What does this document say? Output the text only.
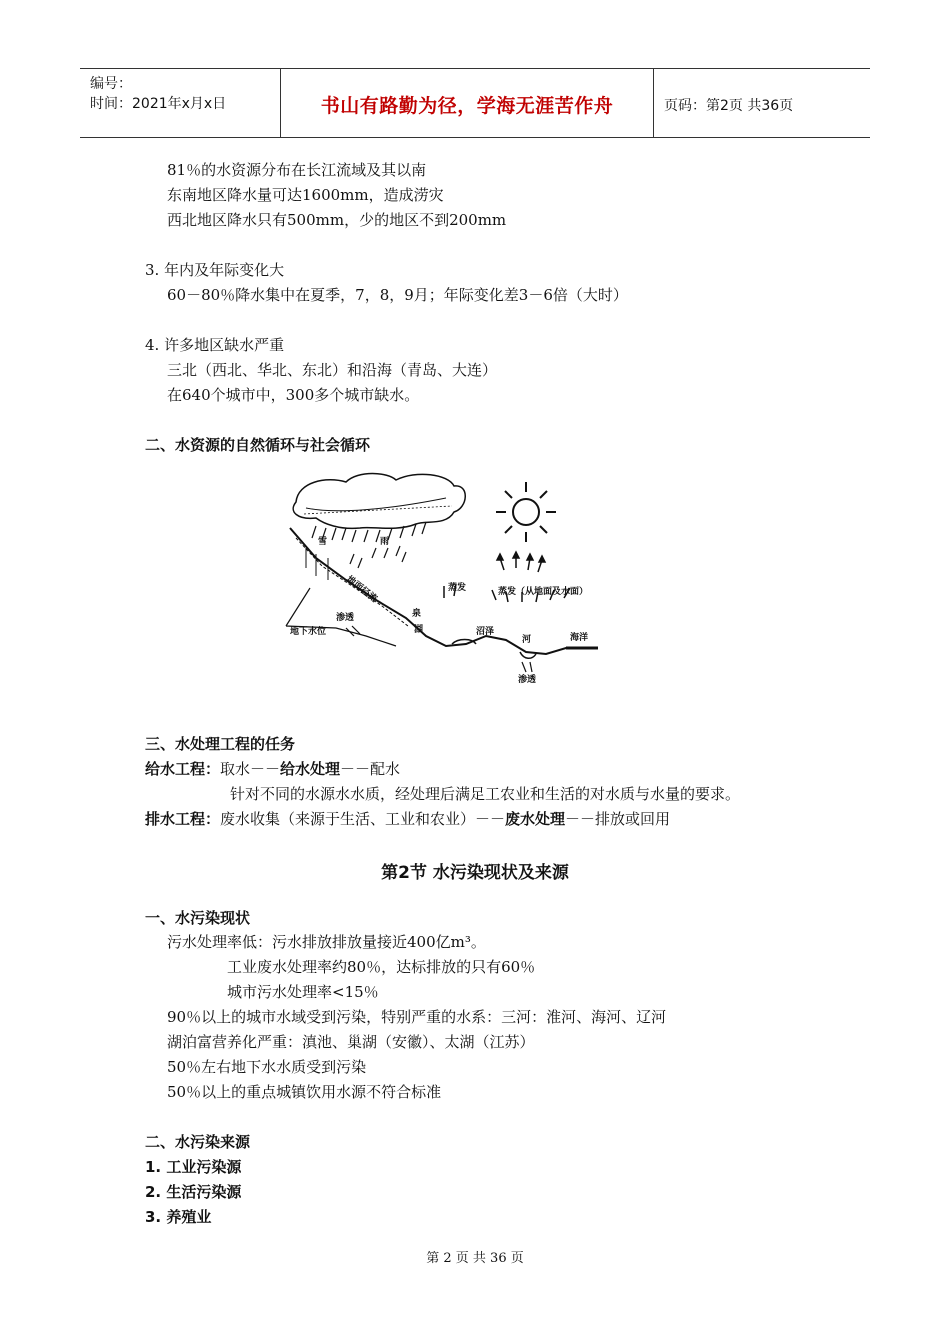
编号：
时间：2021年x月x日	书山有路勤为径，学海无涯苦作舟	页码：第2页 共36页
81％的水资源分布在长江流域及其以南
东南地区降水量可达1600mm，造成涝灾
西北地区降水只有500mm，少的地区不到200mm
3. 年内及年际变化大
60－80％降水集中在夏季，7，8，9月；年际变化差3－6倍（大时）
4. 许多地区缺水严重
三北（西北、华北、东北）和沿海（青岛、大连）
在640个城市中，300多个城市缺水。
二、水资源的自然循环与社会循环
雪	雨
地面径流	蒸发	蒸发（从地面及水面）
泉
湖	沼泽
河	海洋
渗透
渗透
地下水位
三、水处理工程的任务
给水工程：取水－－给水处理－－配水
针对不同的水源水水质，经处理后满足工农业和生活的对水质与水量的要求。
排水工程：废水收集（来源于生活、工业和农业）－－废水处理－－排放或回用
第2节 水污染现状及来源
一、水污染现状
污水处理率低：污水排放排放量接近400亿m³。
工业废水处理率约80％，达标排放的只有60％
城市污水处理率<15％
90％以上的城市水域受到污染，特别严重的水系：三河：淮河、海河、辽河
湖泊富营养化严重：滇池、巢湖（安徽）、太湖（江苏）
50％左右地下水水质受到污染
50％以上的重点城镇饮用水源不符合标准
二、水污染来源
1. 工业污染源
2. 生活污染源
3. 养殖业
第 2 页 共 36 页
